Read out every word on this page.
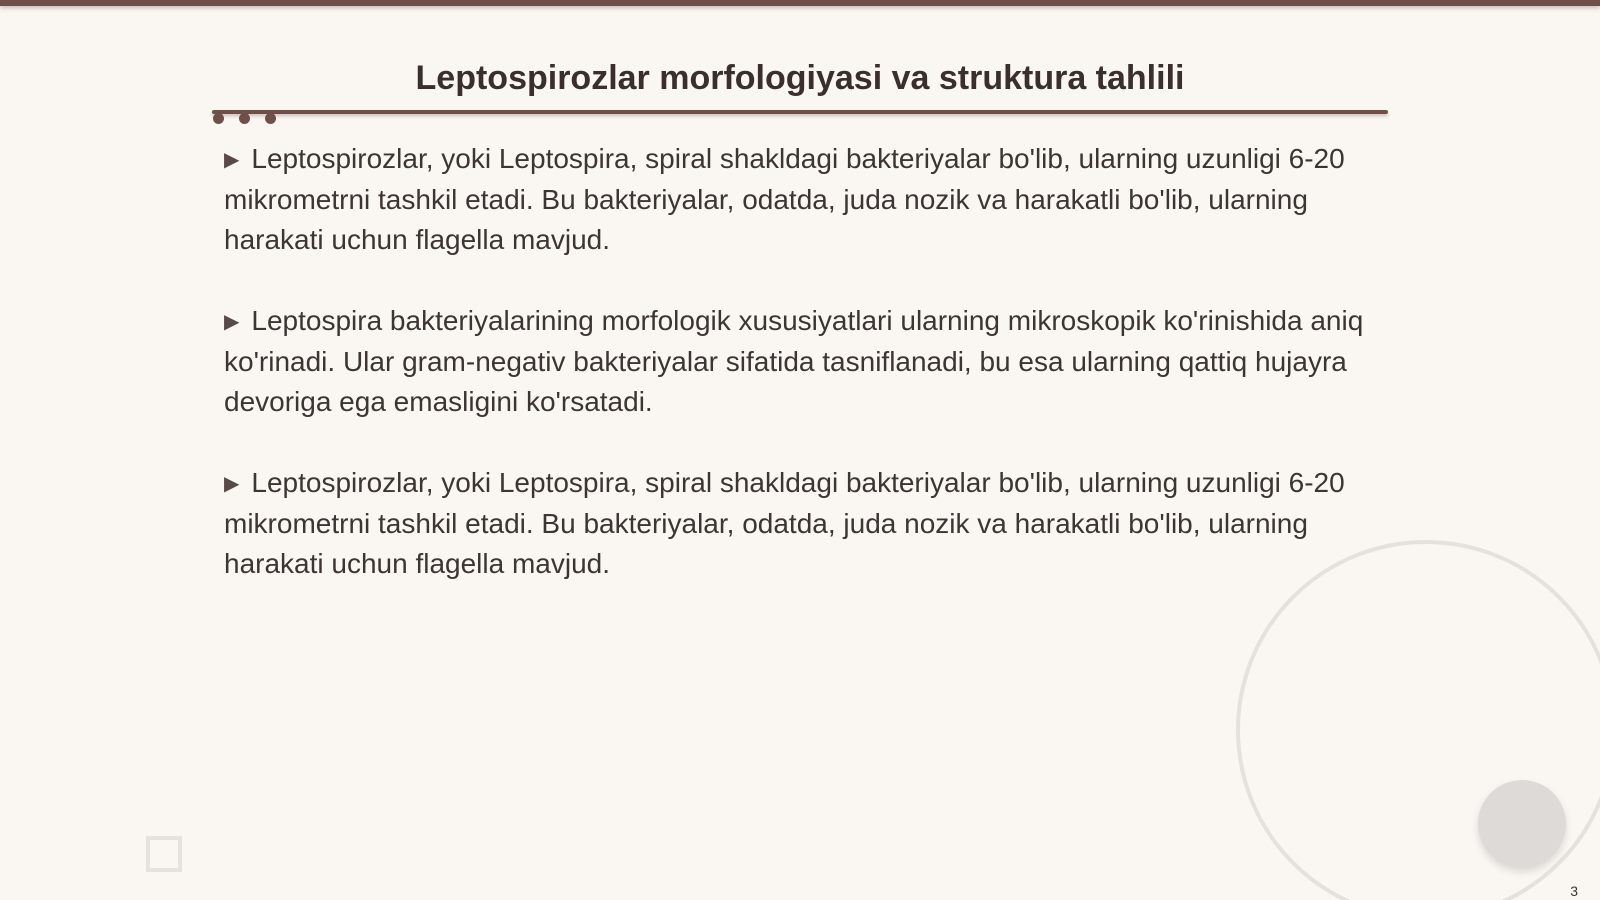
Leptospirozlar morfologiyasi va struktura tahlili

▶ Leptospirozlar, yoki Leptospira, spiral shakldagi bakteriyalar bo'lib, ularning uzunligi 6-20 mikrometrni tashkil etadi. Bu bakteriyalar, odatda, juda nozik va harakatli bo'lib, ularning harakati uchun flagella mavjud.

▶ Leptospira bakteriyalarining morfologik xususiyatlari ularning mikroskopik ko'rinishida aniq ko'rinadi. Ular gram-negativ bakteriyalar sifatida tasniflanadi, bu esa ularning qattiq hujayra devoriga ega emasligini ko'rsatadi.

▶ Leptospirozlar, yoki Leptospira, spiral shakldagi bakteriyalar bo'lib, ularning uzunligi 6-20 mikrometrni tashkil etadi. Bu bakteriyalar, odatda, juda nozik va harakatli bo'lib, ularning harakati uchun flagella mavjud.

3
